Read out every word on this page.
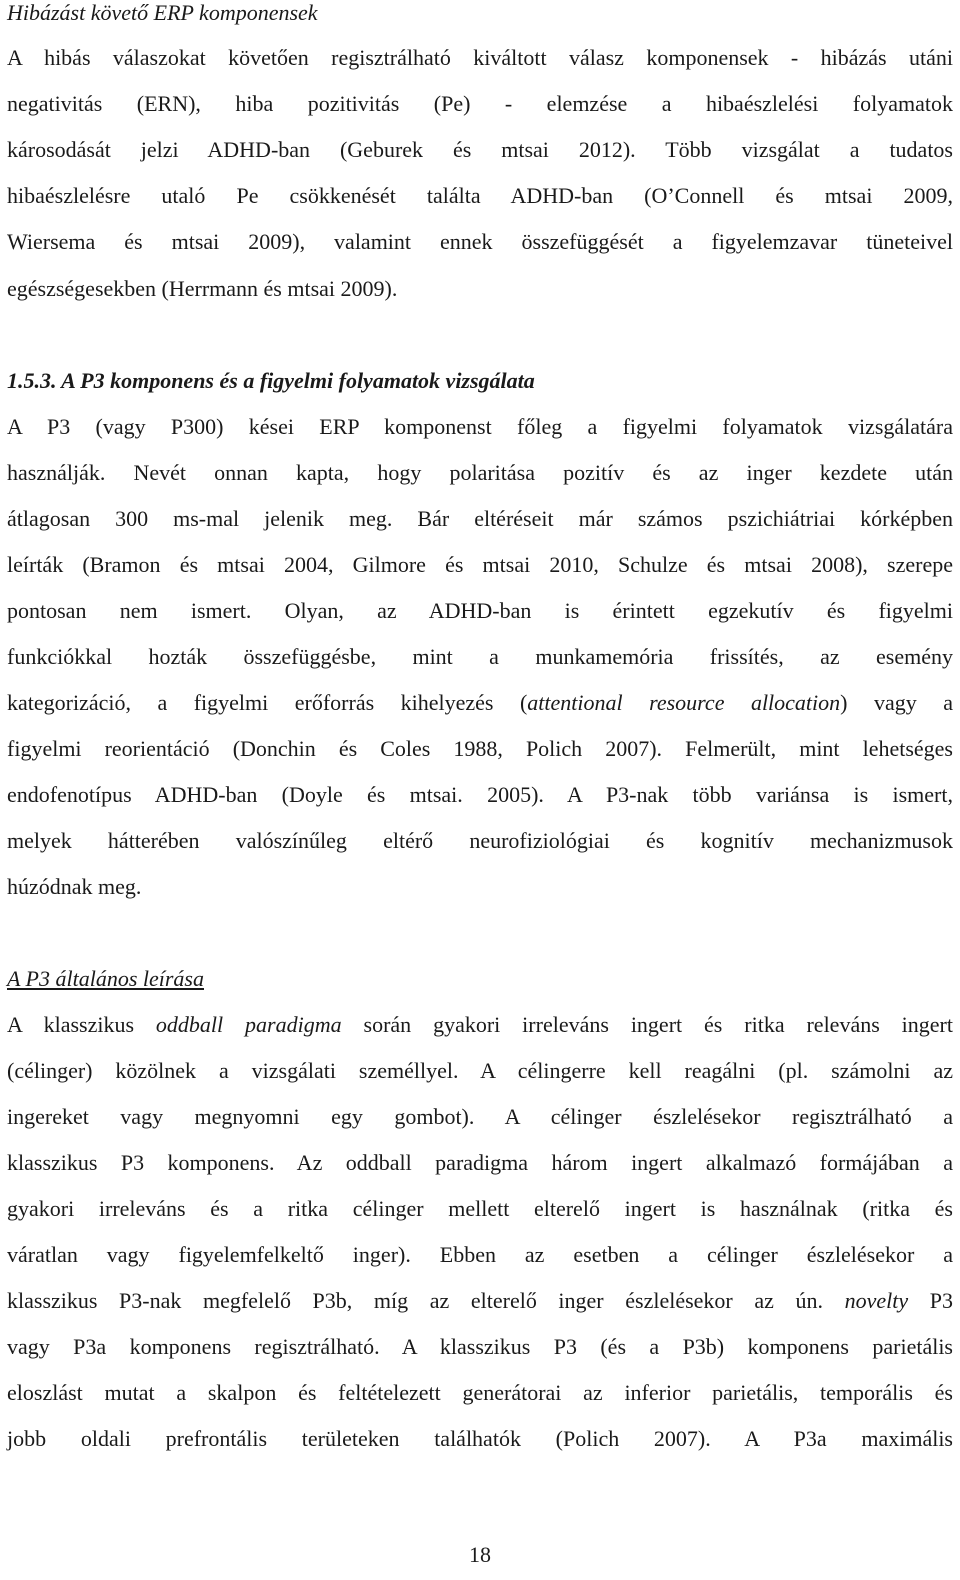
Hibázást követő ERP komponensek
A hibás válaszokat követően regisztrálható kiváltott válasz komponensek - hibázás utáni
negativitás (ERN), hiba pozitivitás (Pe) - elemzése a hibaészlelési folyamatok
károsodását jelzi ADHD-ban (Geburek és mtsai 2012). Több vizsgálat a tudatos
hibaészlelésre utaló Pe csökkenését találta ADHD-ban (O’Connell és mtsai 2009,
Wiersema és mtsai 2009), valamint ennek összefüggését a figyelemzavar tüneteivel
egészségesekben (Herrmann és mtsai 2009).
1.5.3. A P3 komponens és a figyelmi folyamatok vizsgálata
A P3 (vagy P300) kései ERP komponenst főleg a figyelmi folyamatok vizsgálatára
használják. Nevét onnan kapta, hogy polaritása pozitív és az inger kezdete után
átlagosan 300 ms-mal jelenik meg. Bár eltéréseit már számos pszichiátriai kórképben
leírták (Bramon és mtsai 2004, Gilmore és mtsai 2010, Schulze és mtsai 2008), szerepe
pontosan nem ismert. Olyan, az ADHD-ban is érintett egzekutív és figyelmi
funkciókkal hozták összefüggésbe, mint a munkamemória frissítés, az esemény
kategorizáció, a figyelmi erőforrás kihelyezés (attentional resource allocation) vagy a
figyelmi reorientáció (Donchin és Coles 1988, Polich 2007). Felmerült, mint lehetséges
endofenotípus ADHD-ban (Doyle és mtsai. 2005). A P3-nak több variánsa is ismert,
melyek hátterében valószínűleg eltérő neurofiziológiai és kognitív mechanizmusok
húzódnak meg.
A P3 általános leírása
A klasszikus oddball paradigma során gyakori irreleváns ingert és ritka releváns ingert
(célinger) közölnek a vizsgálati személlyel. A célingerre kell reagálni (pl. számolni az
ingereket vagy megnyomni egy gombot). A célinger észlelésekor regisztrálható a
klasszikus P3 komponens. Az oddball paradigma három ingert alkalmazó formájában a
gyakori irreleváns és a ritka célinger mellett elterelő ingert is használnak (ritka és
váratlan vagy figyelemfelkeltő inger). Ebben az esetben a célinger észlelésekor a
klasszikus P3-nak megfelelő P3b, míg az elterelő inger észlelésekor az ún. novelty P3
vagy P3a komponens regisztrálható. A klasszikus P3 (és a P3b) komponens parietális
eloszlást mutat a skalpon és feltételezett generátorai az inferior parietális, temporális és
jobb oldali prefrontális területeken találhatók (Polich 2007). A P3a maximális
18
